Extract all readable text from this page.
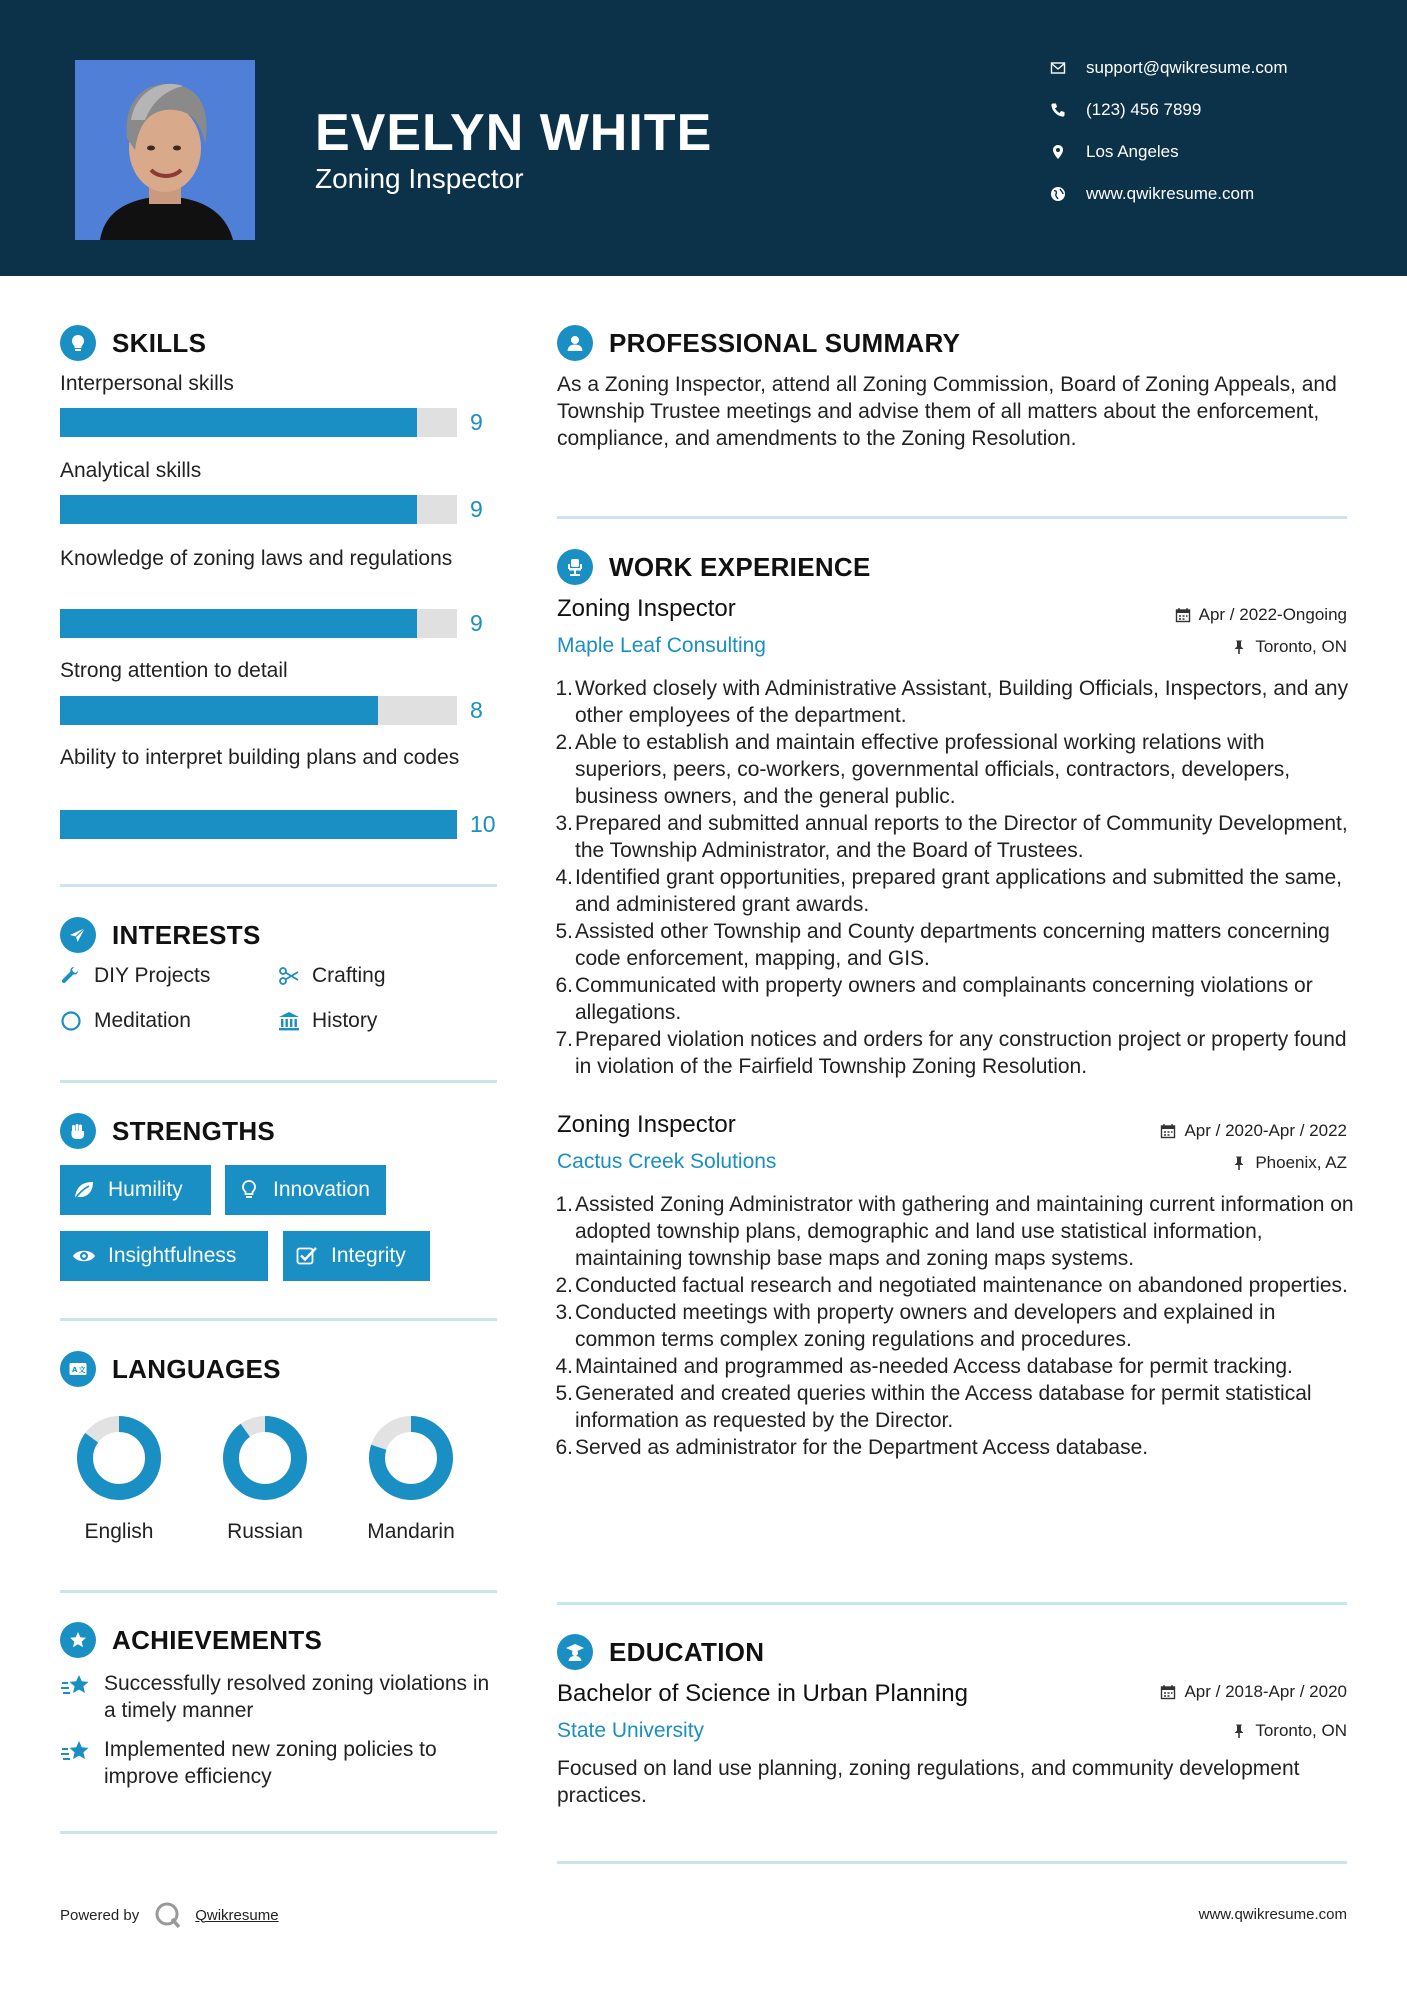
EVELYN WHITE
Zoning Inspector
support@qwikresume.com
(123) 456 7899
Los Angeles
www.qwikresume.com
SKILLS
Interpersonal skills
9
Analytical skills
9
Knowledge of zoning laws and regulations
9
Strong attention to detail
8
Ability to interpret building plans and codes
10
INTERESTS
DIY Projects	Crafting
Meditation	History
STRENGTHS
Humility	Innovation
Insightfulness	Integrity
A 文 LANGUAGES
English	Russian	Mandarin
ACHIEVEMENTS
Successfully resolved zoning violations in a timely manner
Implemented new zoning policies to improve efficiency
PROFESSIONAL SUMMARY
As a Zoning Inspector, attend all Zoning Commission, Board of Zoning Appeals, and Township Trustee meetings and advise them of all matters about the enforcement, compliance, and amendments to the Zoning Resolution.
WORK EXPERIENCE
Zoning Inspector	Apr / 2022-Ongoing
Maple Leaf Consulting	Toronto, ON
1. Worked closely with Administrative Assistant, Building Officials, Inspectors, and any other employees of the department.
2. Able to establish and maintain effective professional working relations with superiors, peers, co-workers, governmental officials, contractors, developers, business owners, and the general public.
3. Prepared and submitted annual reports to the Director of Community Development, the Township Administrator, and the Board of Trustees.
4. Identified grant opportunities, prepared grant applications and submitted the same, and administered grant awards.
5. Assisted other Township and County departments concerning matters concerning code enforcement, mapping, and GIS.
6. Communicated with property owners and complainants concerning violations or allegations.
7. Prepared violation notices and orders for any construction project or property found in violation of the Fairfield Township Zoning Resolution.
Zoning Inspector	Apr / 2020-Apr / 2022
Cactus Creek Solutions	Phoenix, AZ
1. Assisted Zoning Administrator with gathering and maintaining current information on adopted township plans, demographic and land use statistical information, maintaining township base maps and zoning maps systems.
2. Conducted factual research and negotiated maintenance on abandoned properties.
3. Conducted meetings with property owners and developers and explained in common terms complex zoning regulations and procedures.
4. Maintained and programmed as-needed Access database for permit tracking.
5. Generated and created queries within the Access database for permit statistical information as requested by the Director.
6. Served as administrator for the Department Access database.
EDUCATION
Bachelor of Science in Urban Planning	Apr / 2018-Apr / 2020
State University	Toronto, ON
Focused on land use planning, zoning regulations, and community development practices.
Powered by	Qwikresume	www.qwikresume.com
